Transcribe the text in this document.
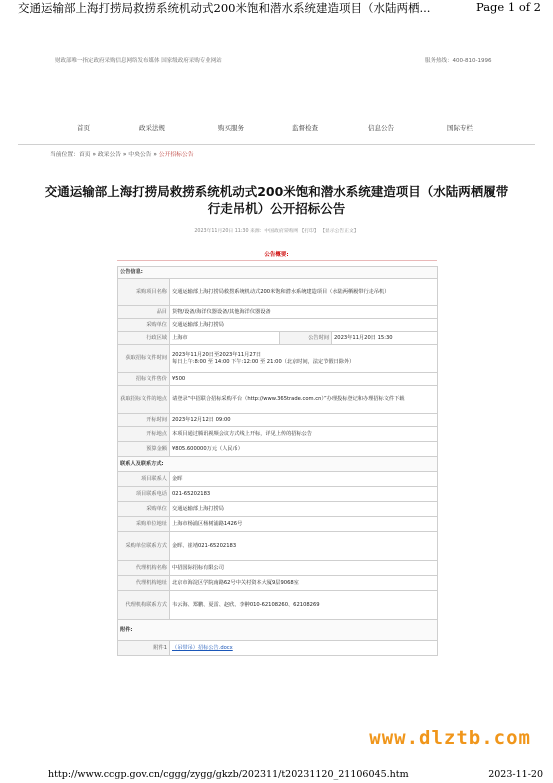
交通运输部上海打捞局救捞系统机动式200米饱和潜水系统建造项目（水陆两栖...	Page 1 of 2
财政部唯一指定政府采购信息网络发布媒体 国家级政府采购专业网站	服务热线：400-810-1996
首页	政采法规	购买服务	监督检查	信息公告	国际专栏
当前位置：首页 » 政采公告 » 中央公告 » 公开招标公告
交通运输部上海打捞局救捞系统机动式200米饱和潜水系统建造项目（水陆两栖履带行走吊机）公开招标公告
2023年11月20日 11:30 来源：中国政府采购网 【打印】 【显示公告正文】
公告概要:
公告信息:			
采购项目名称	交通运输部上海打捞局救捞系统机动式200米饱和潜水系统建造项目（水陆两栖履带行走吊机）		
品目	货物/设备/海洋仪器设备/其他海洋仪器设备		
采购单位	交通运输部上海打捞局		
行政区域	上海市	公告时间	2023年11月20日 15:30
获取招标文件时间	2023年11月20日至2023年11月27日
每日上午:8:00 至 14:00 下午:12:00 至 21:00（北京时间，法定节假日除外）		

招标文件售价	¥500		
获取招标文件的地点	请登录“中招联合招标采购平台（http://www.365trade.com.cn）”办理投标登记和办理招标文件下载		
开标时间	2023年12月12日 09:00		
开标地点	本项目通过腾讯视频会议方式线上开标，详见上传的招标公告		
预算金额	¥805.600000万元（人民币）		
联系人及联系方式:			
项目联系人	金晖		
项目联系电话	021-65202183		
采购单位	交通运输部上海打捞局		
采购单位地址	上海市杨浦区杨树浦路1426号		
采购单位联系方式	金晖、崔靖021-65202183		
代理机构名称	中招国际招标有限公司		
代理机构地址	北京市海淀区学院南路62号中关村资本大厦9层9068室		
代理机构联系方式	韦云海、郑鹏、夏雷、赵欣、李翀010-62108260、62108269		
附件:			
附件1	（吊带吊）招标公告.docx		
www.dlztb.com
http://www.ccgp.gov.cn/cggg/zygg/gkzb/202311/t20231120_21106045.htm	2023-11-20
